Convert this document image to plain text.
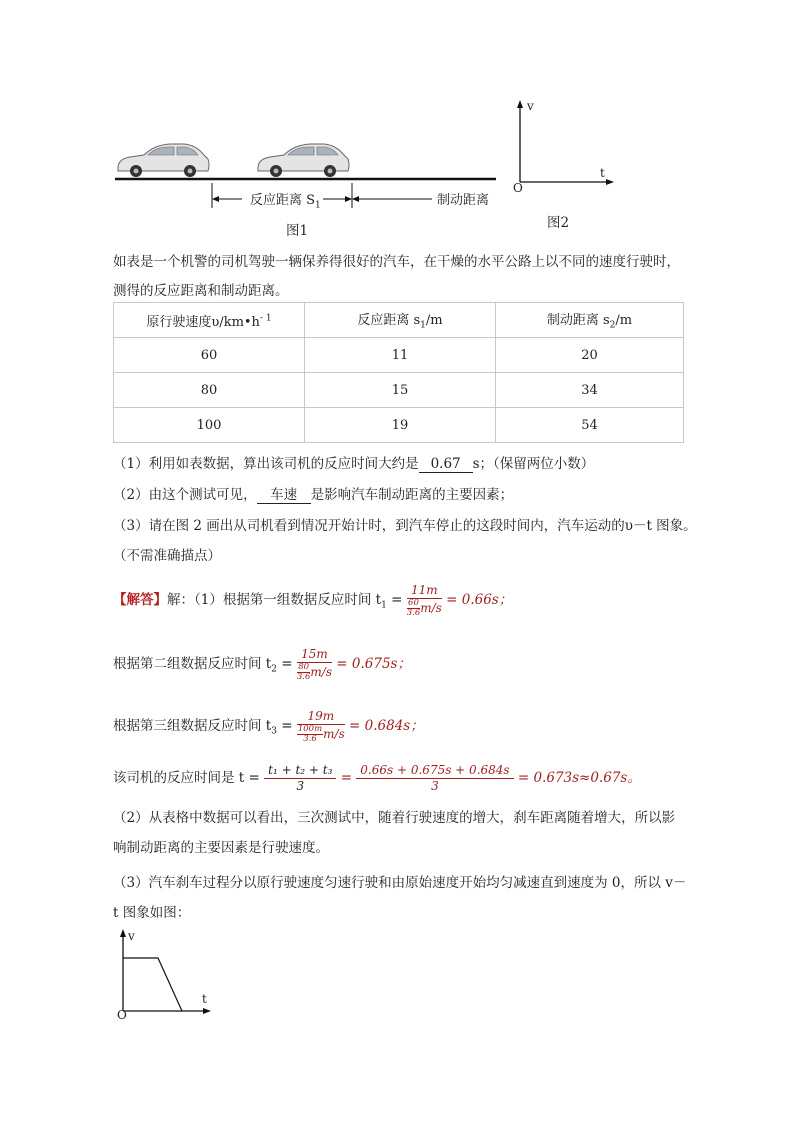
反应距离 $S_1$	制动距离
图1
v
t
O
图2
如表是一个机警的司机驾驶一辆保养得很好的汽车，在干燥的水平公路上以不同的速度行驶时，
测得的反应距离和制动距离。
原行驶速度$\upsilon/km•h^{- 1}$	反应距离 $s_1/m$	制动距离 $s_2/m$
60	11	20
80	15	34
100	19	54
（1）利用如表数据，算出该司机的反应时间大约是 0.67 s；（保留两位小数）
（2）由这个测试可见， 车速 是影响汽车制动距离的主要因素；
（3）请在图 2 画出从司机看到情况开始计时，到汽车停止的这段时间内，汽车运动的υ－t 图象。
（不需准确描点）
【解答】解：（1）根据第一组数据反应时间 $t_1 = \frac{11m}{\frac{60}{3.6} m/s} = 0.66s$；
根据第二组数据反应时间 $t_2 = \frac{15m}{\frac{80}{3.6} m/s} = 0.675s$；
根据第三组数据反应时间 $t_3 = \frac{19m}{\frac{100m}{3.6} m/s} = 0.684s$；
该司机的反应时间是 $t = \frac{\text{t₁ + t₂ + t₃}}{3} = \frac{0.66s + 0.675s + 0.684s}{3} = 0.673s\approx 0.67s$。
（2）从表格中数据可以看出，三次测试中，随着行驶速度的增大，刹车距离随着增大，所以影
响制动距离的主要因素是行驶速度。
（3）汽车刹车过程分以原行驶速度匀速行驶和由原始速度开始均匀减速直到速度为 0，所以 v－
t 图象如图：
v
t
O
